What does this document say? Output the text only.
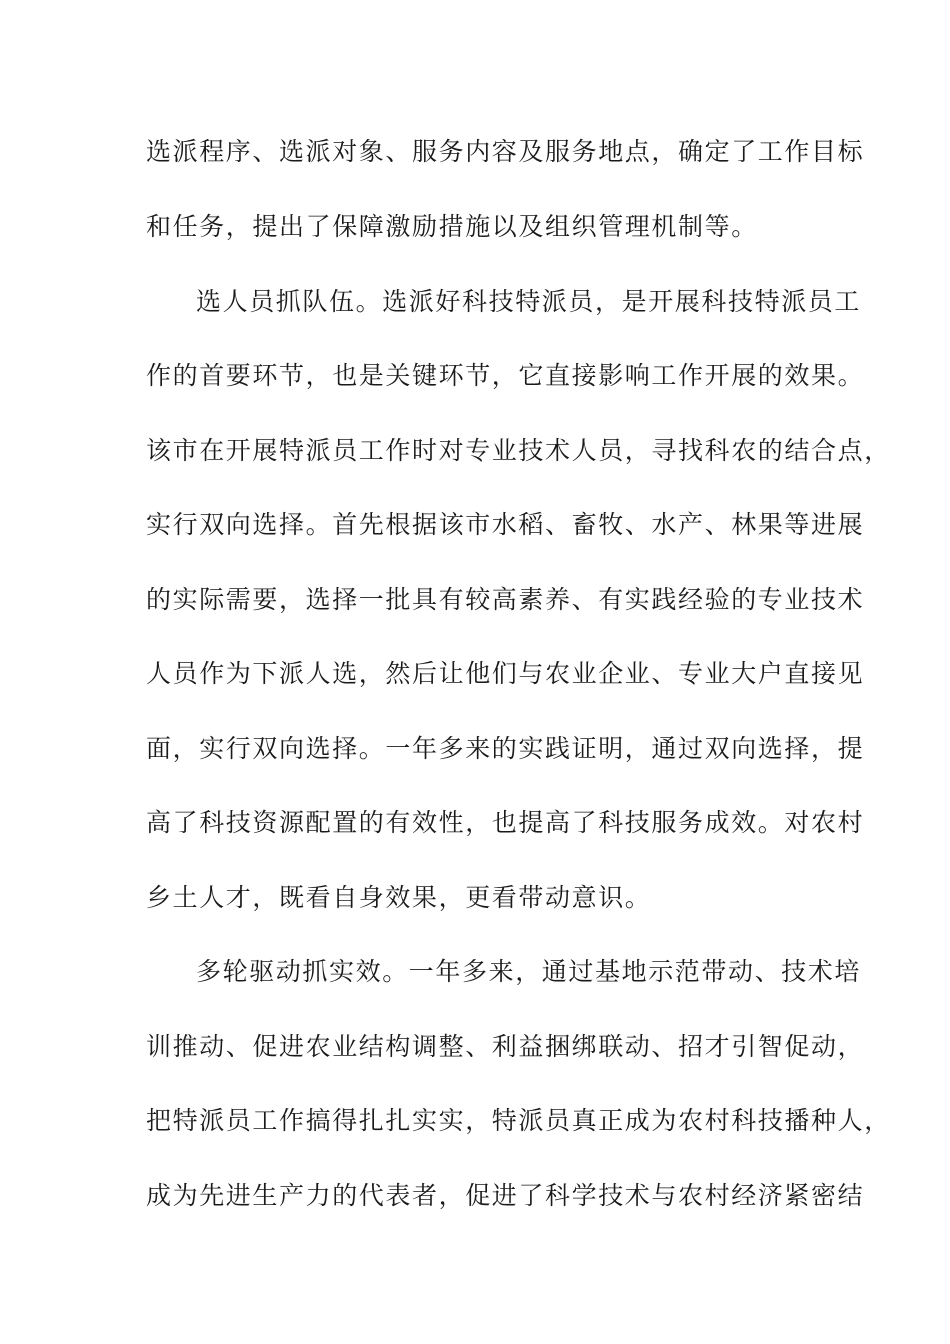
选派程序、选派对象、服务内容及服务地点，确定了工作目标
和任务，提出了保障激励措施以及组织管理机制等。
选人员抓队伍。选派好科技特派员，是开展科技特派员工
作的首要环节，也是关键环节，它直接影响工作开展的效果。
该市在开展特派员工作时对专业技术人员，寻找科农的结合点，
实行双向选择。首先根据该市水稻、畜牧、水产、林果等进展
的实际需要，选择一批具有较高素养、有实践经验的专业技术
人员作为下派人选，然后让他们与农业企业、专业大户直接见
面，实行双向选择。一年多来的实践证明，通过双向选择，提
高了科技资源配置的有效性，也提高了科技服务成效。对农村
乡土人才，既看自身效果，更看带动意识。
多轮驱动抓实效。一年多来，通过基地示范带动、技术培
训推动、促进农业结构调整、利益捆绑联动、招才引智促动，
把特派员工作搞得扎扎实实，特派员真正成为农村科技播种人，
成为先进生产力的代表者，促进了科学技术与农村经济紧密结
